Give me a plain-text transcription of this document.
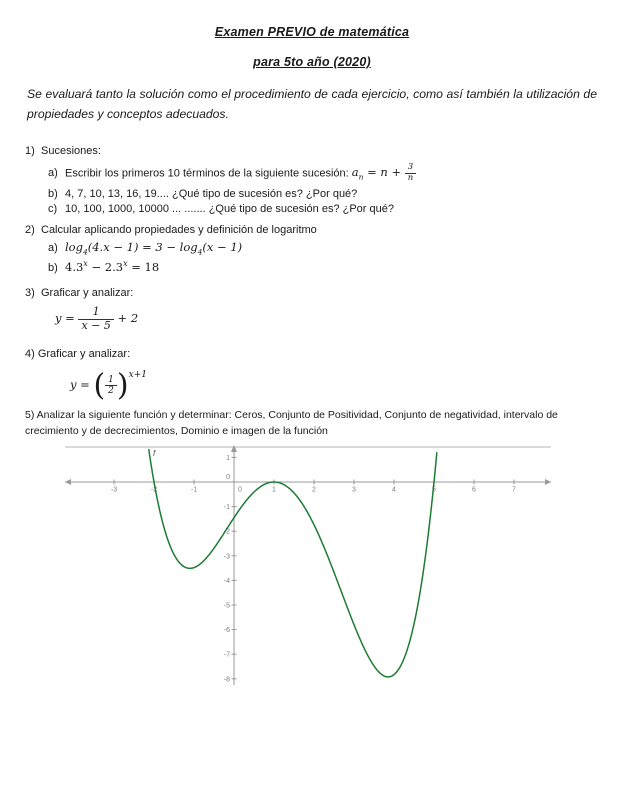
Examen PREVIO de matemática
para 5to año (2020)
Se evaluará tanto la solución como el procedimiento de cada ejercicio, como así también la utilización de propiedades y conceptos adecuados.
1) Sucesiones:
a) Escribir los primeros 10 términos de la siguiente sucesión: $a_n = n + \frac{3}{n}$
b) 4, 7, 10, 13, 16, 19.... ¿Qué tipo de sucesión es? ¿Por qué?
c) 10, 100, 1000, 10000 ... ....... ¿Qué tipo de sucesión es? ¿Por qué?
2) Calcular aplicando propiedades y definición de logaritmo
a) $\log_4(4.x - 1) = 3 - \log_4(x - 1)$
b) $4.3^x - 2.3^x = 18$
3) Graficar y analizar:
$y = \frac{1}{x - 5} + 2$
4) Graficar y analizar:
y = ( $\frac{1}{2} )^{x+1}$
5) Analizar la siguiente función y determinar: Ceros, Conjunto de Positividad, Conjunto de negatividad, intervalo de crecimiento y de decrecimientos, Dominio e imagen de la función
-3	-2	-1	0	1	2	3	4	5	6	7
1
0
-1
-2
-3
-4
-5
-6
-7
-8
f
